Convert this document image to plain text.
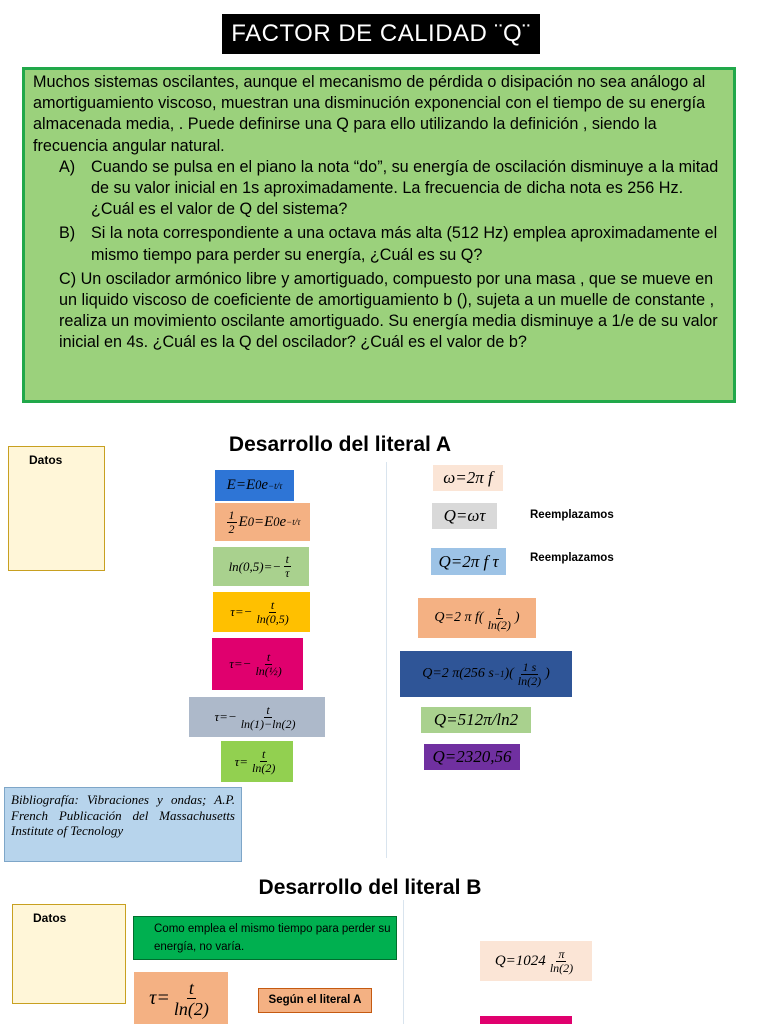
FACTOR DE CALIDAD ¨Q¨

Muchos sistemas oscilantes, aunque el mecanismo de pérdida o disipación no sea análogo al amortiguamiento viscoso, muestran una disminución exponencial con el tiempo de su energía almacenada media, . Puede definirse una Q para ello utilizando la definición , siendo la frecuencia angular natural.

A) Cuando se pulsa en el piano la nota “do”, su energía de oscilación disminuye a la mitad de su valor inicial en 1s aproximadamente. La frecuencia de dicha nota es 256 Hz. ¿Cuál es el valor de Q del sistema?
B) Si la nota correspondiente a una octava más alta (512 Hz) emplea aproximadamente el mismo tiempo para perder su energía, ¿Cuál es su Q?

C) Un oscilador armónico libre y amortiguado, compuesto por una masa , que se mueve en un liquido viscoso de coeficiente de amortiguamiento b (), sujeta a un muelle de constante , realiza un movimiento oscilante amortiguado. Su energía media disminuye a 1/e de su valor inicial en 4s. ¿Cuál es la Q del oscilador? ¿Cuál es el valor de b?

Desarrollo del literal A
Datos
E=E 0 e −t/τ
$\frac{1}{2}$ E 0 =E 0 e −t/τ
$\ln(0,5)=- \frac{t}{\tau}$
$\tau=- \frac{t}{\ln(0,5)}$
$\tau=- \frac{t}{\text{ln(½)}}$
$\tau=- \frac{t}{\ln(1)-\ln(2)}$
$\tau= \frac{t}{\ln(2)}$
Bibliografía: Vibraciones y ondas; A.P. French Publicación del Massachusetts Institute of Tecnology
ω=2π f
Q=ωτ	Reemplazamos
Q=2π f τ	Reemplazamos
Q=2 π f ( $\frac{t}{\ln(2)}$ )
Q=2 π(256 s −1 )( $\frac{1 s}{\ln(2)}$ )
Q=512π/ln2
Q=2320,56
Desarrollo del literal B
Datos
Como emplea el mismo tiempo para perder su energía, no varía.
$\tau= \frac{t}{\ln(2)}$	Según el literal A
$Q=1024 \frac{\pi}{\ln(2)}$
